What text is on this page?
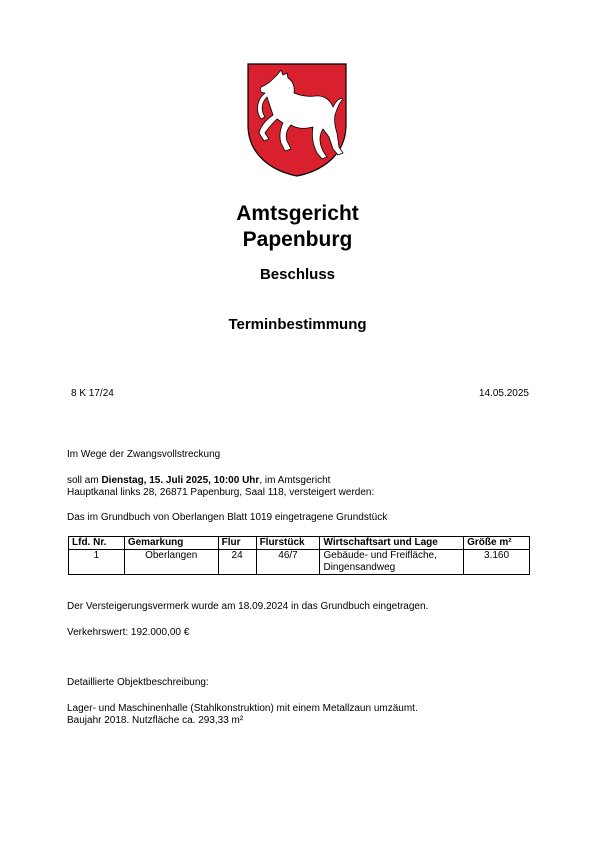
Amtsgericht
Papenburg
Beschluss
Terminbestimmung
8 K 17/24	14.05.2025
Im Wege der Zwangsvollstreckung
soll am Dienstag, 15. Juli 2025, 10:00 Uhr, im Amtsgericht
Hauptkanal links 28, 26871 Papenburg, Saal 118, versteigert werden:
Das im Grundbuch von Oberlangen Blatt 1019 eingetragene Grundstück
Lfd. Nr.	Gemarkung	Flur	Flurstück	Wirtschaftsart und Lage	Größe m²
1	Oberlangen	24	46/7	Gebäude- und Freifläche, Dingensandweg	3.160
Der Versteigerungsvermerk wurde am 18.09.2024 in das Grundbuch eingetragen.
Verkehrswert: 192.000,00 €
Detaillierte Objektbeschreibung:
Lager- und Maschinenhalle (Stahlkonstruktion) mit einem Metallzaun umzäumt.
Baujahr 2018. Nutzfläche ca. 293,33 m²
